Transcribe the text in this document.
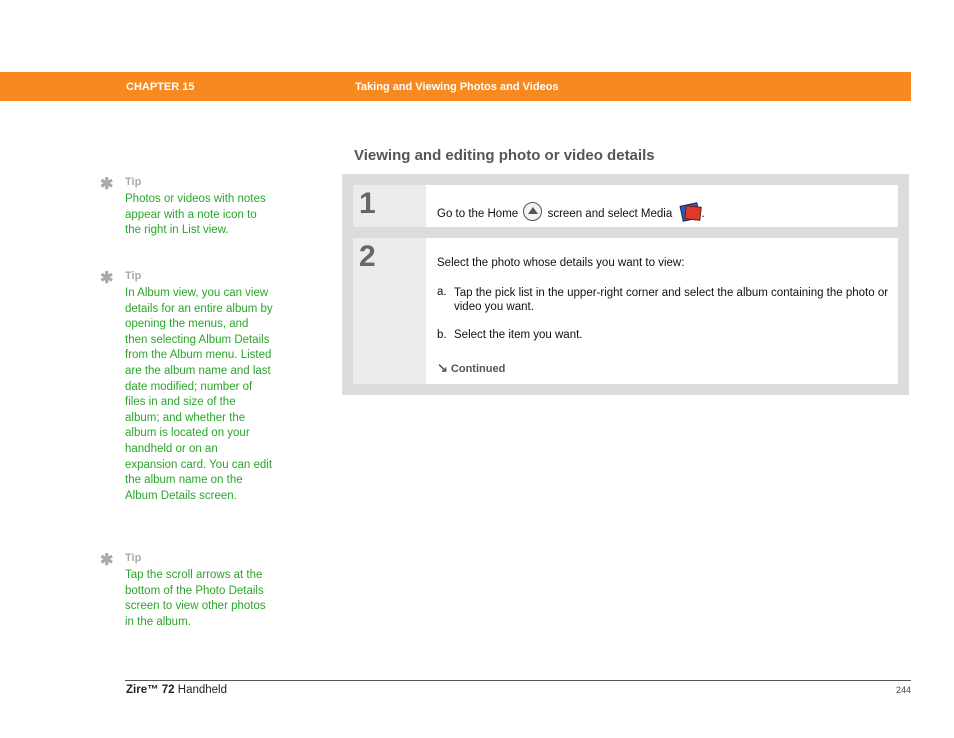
CHAPTER 15	Taking and Viewing Photos and Videos
Viewing and editing photo or video details
✱ Tip
Photos or videos with notes appear with a note icon to the right in List view.
✱ Tip
In Album view, you can view details for an entire album by opening the menus, and then selecting Album Details from the Album menu. Listed are the album name and last date modified; number of files in and size of the album; and whether the album is located on your handheld or on an expansion card. You can edit the album name on the Album Details screen.
✱ Tip
Tap the scroll arrows at the bottom of the Photo Details screen to view other photos in the album.
1	Go to the Home	screen and select Media	.
2	Select the photo whose details you want to view:
a. Tap the pick list in the upper-right corner and select the album containing the photo or video you want.
b. Select the item you want.
↘ Continued
Zire™ 72 Handheld	244
